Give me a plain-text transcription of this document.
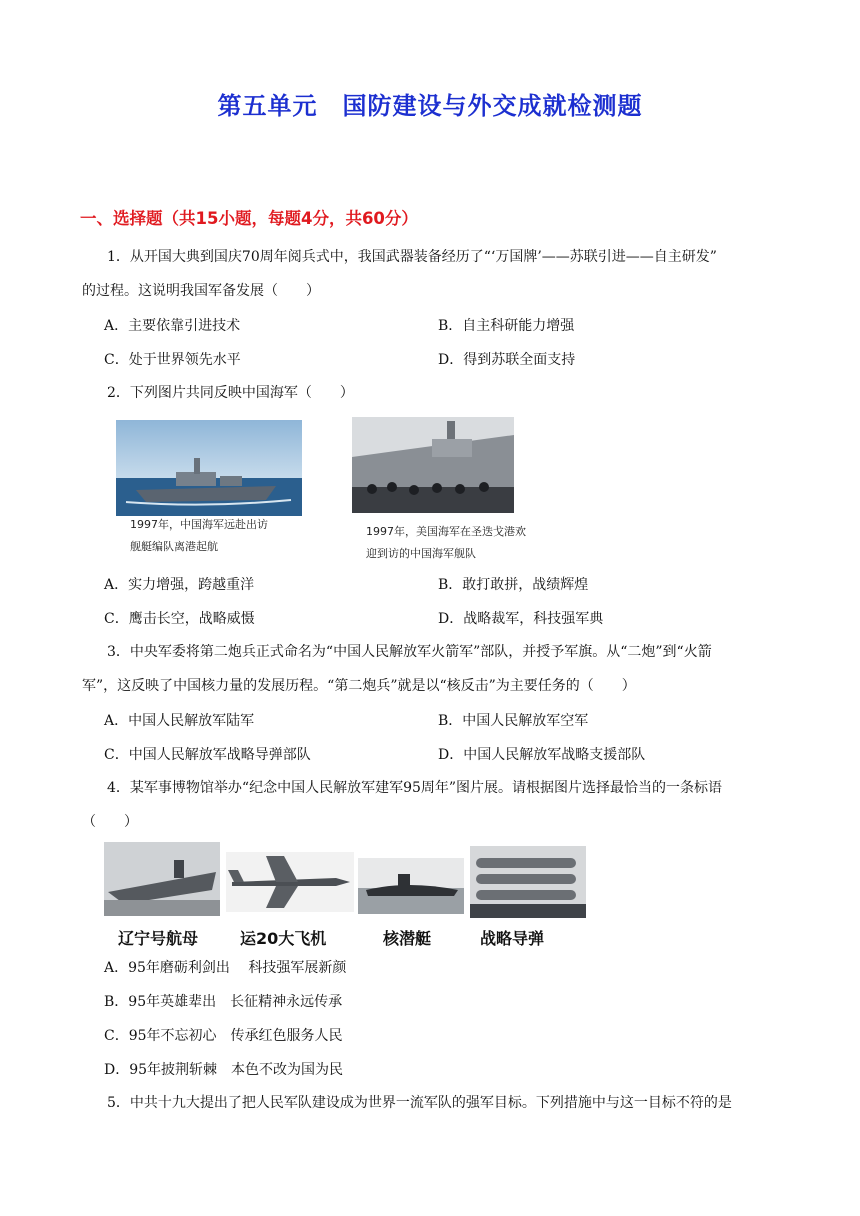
第五单元　国防建设与外交成就检测题
一、选择题（共15小题，每题4分，共60分）
1．从开国大典到国庆70周年阅兵式中，我国武器装备经历了“‘万国牌’——苏联引进——自主研发”
的过程。这说明我国军备发展（　　）
A．主要依靠引进技术	B．自主科研能力增强
C．处于世界领先水平	D．得到苏联全面支持
2．下列图片共同反映中国海军（　　）
1997年，中国海军远赴出访
舰艇编队离港起航
1997年，美国海军在圣迭戈港欢
迎到访的中国海军舰队
A．实力增强，跨越重洋	B．敢打敢拼，战绩辉煌
C．鹰击长空，战略威慑	D．战略裁军，科技强军典
3．中央军委将第二炮兵正式命名为“中国人民解放军火箭军”部队，并授予军旗。从“二炮”到“火箭
军”，这反映了中国核力量的发展历程。“第二炮兵”就是以“核反击”为主要任务的（　　）
A．中国人民解放军陆军	B．中国人民解放军空军
C．中国人民解放军战略导弹部队	D．中国人民解放军战略支援部队
4．某军事博物馆举办“纪念中国人民解放军建军95周年”图片展。请根据图片选择最恰当的一条标语
（　　）
辽宁号航母	运20大飞机	核潜艇	战略导弹
A．95年磨砺利剑出　 科技强军展新颜
B．95年英雄辈出　长征精神永远传承
C．95年不忘初心　传承红色服务人民
D．95年披荆斩棘　本色不改为国为民
5．中共十九大提出了把人民军队建设成为世界一流军队的强军目标。下列措施中与这一目标不符的是
